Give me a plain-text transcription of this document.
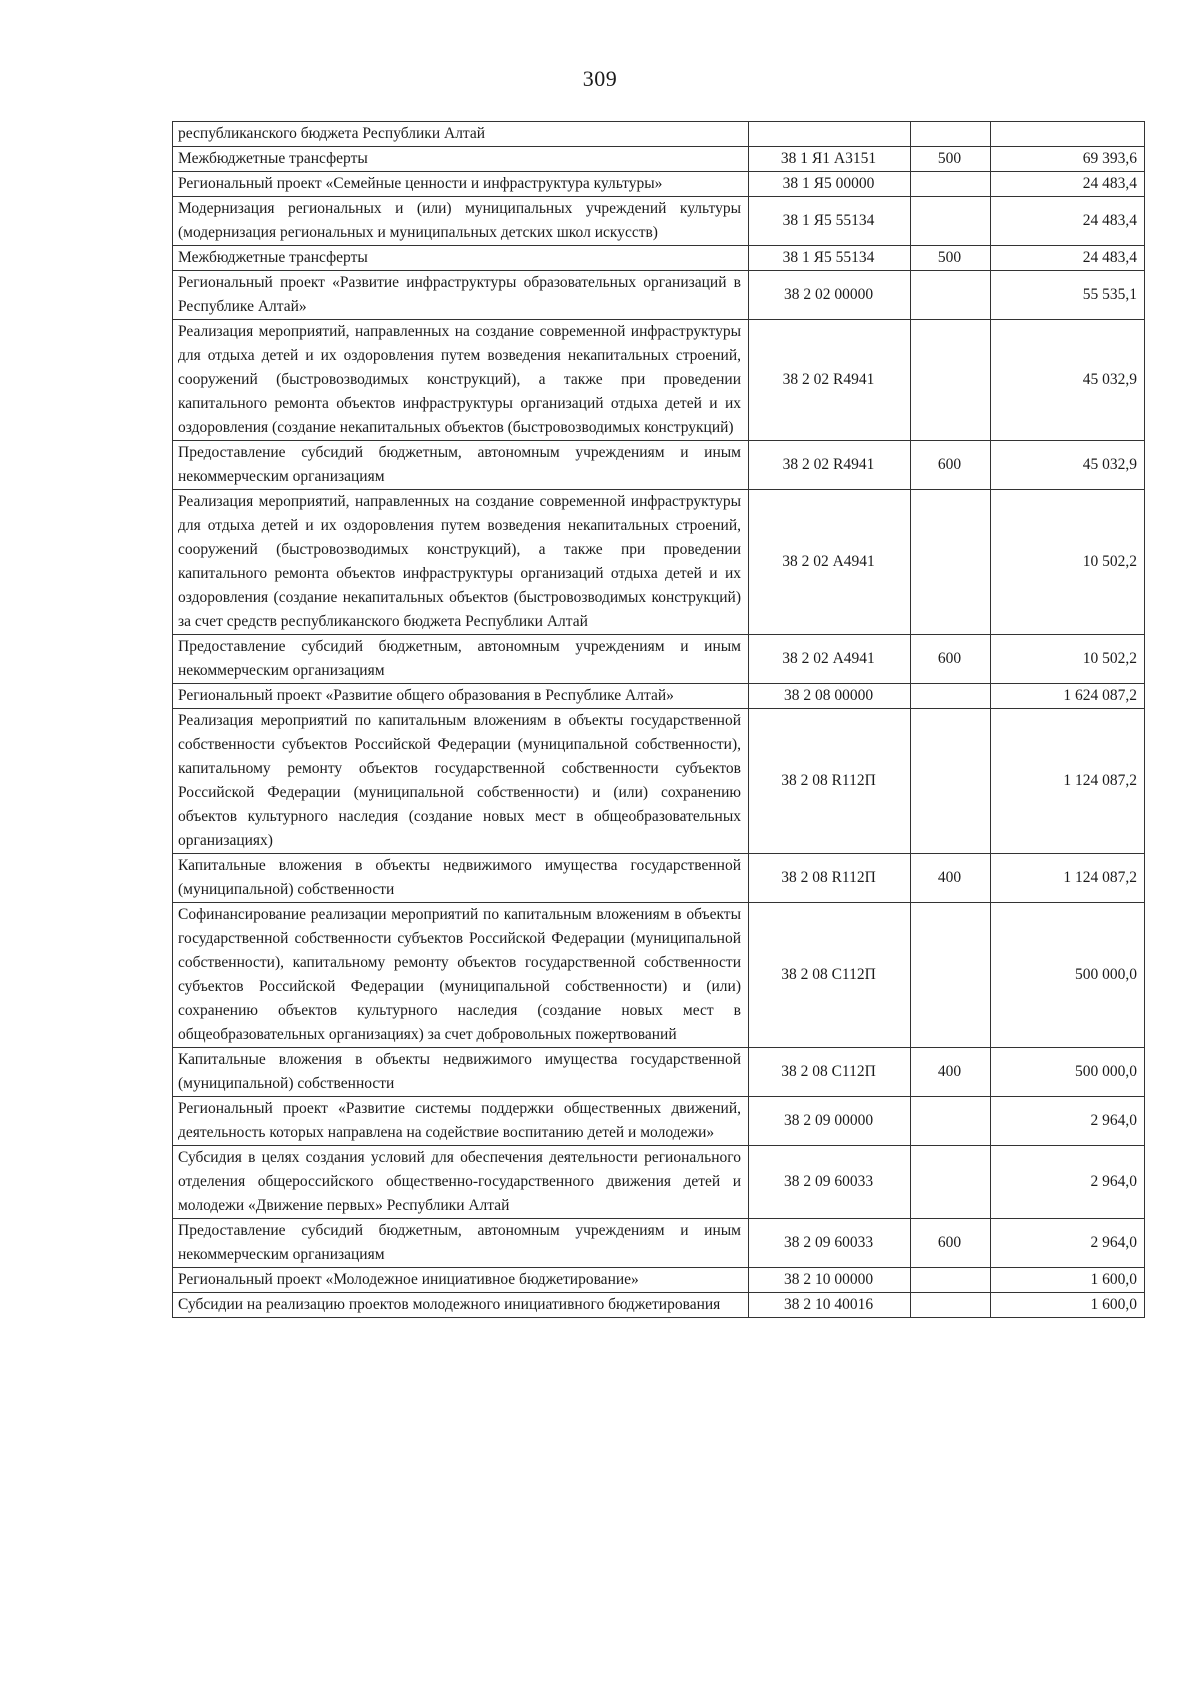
309
республиканского бюджета Республики Алтай			
Межбюджетные трансферты	38 1 Я1 А3151	500	69 393,6
Региональный проект «Семейные ценности и инфраструктура культуры»	38 1 Я5 00000		24 483,4
Модернизация региональных и (или) муниципальных учреждений культуры (модернизация региональных и муниципальных детских школ искусств)	38 1 Я5 55134		24 483,4
Межбюджетные трансферты	38 1 Я5 55134	500	24 483,4
Региональный проект «Развитие инфраструктуры образовательных организаций в Республике Алтай»	38 2 02 00000		55 535,1
Реализация мероприятий, направленных на создание современной инфраструктуры для отдыха детей и их оздоровления путем возведения некапитальных строений, сооружений (быстровозводимых конструкций), а также при проведении капитального ремонта объектов инфраструктуры организаций отдыха детей и их оздоровления (создание некапитальных объектов (быстровозводимых конструкций)	38 2 02 R4941		45 032,9
Предоставление субсидий бюджетным, автономным учреждениям и иным некоммерческим организациям	38 2 02 R4941	600	45 032,9
Реализация мероприятий, направленных на создание современной инфраструктуры для отдыха детей и их оздоровления путем возведения некапитальных строений, сооружений (быстровозводимых конструкций), а также при проведении капитального ремонта объектов инфраструктуры организаций отдыха детей и их оздоровления (создание некапитальных объектов (быстровозводимых конструкций) за счет средств республиканского бюджета Республики Алтай	38 2 02 А4941		10 502,2
Предоставление субсидий бюджетным, автономным учреждениям и иным некоммерческим организациям	38 2 02 А4941	600	10 502,2
Региональный проект «Развитие общего образования в Республике Алтай»	38 2 08 00000		1 624 087,2
Реализация мероприятий по капитальным вложениям в объекты государственной собственности субъектов Российской Федерации (муниципальной собственности), капитальному ремонту объектов государственной собственности субъектов Российской Федерации (муниципальной собственности) и (или) сохранению объектов культурного наследия (создание новых мест в общеобразовательных организациях)	38 2 08 R112П		1 124 087,2
Капитальные вложения в объекты недвижимого имущества государственной (муниципальной) собственности	38 2 08 R112П	400	1 124 087,2
Софинансирование реализации мероприятий по капитальным вложениям в объекты государственной собственности субъектов Российской Федерации (муниципальной собственности), капитальному ремонту объектов государственной собственности субъектов Российской Федерации (муниципальной собственности) и (или) сохранению объектов культурного наследия (создание новых мест в общеобразовательных организациях) за счет добровольных пожертвований	38 2 08 С112П		500 000,0
Капитальные вложения в объекты недвижимого имущества государственной (муниципальной) собственности	38 2 08 С112П	400	500 000,0
Региональный проект «Развитие системы поддержки общественных движений, деятельность которых направлена на содействие воспитанию детей и молодежи»	38 2 09 00000		2 964,0
Субсидия в целях создания условий для обеспечения деятельности регионального отделения общероссийского общественно-государственного движения детей и молодежи «Движение первых» Республики Алтай	38 2 09 60033		2 964,0
Предоставление субсидий бюджетным, автономным учреждениям и иным некоммерческим организациям	38 2 09 60033	600	2 964,0
Региональный проект «Молодежное инициативное бюджетирование»	38 2 10 00000		1 600,0
Субсидии на реализацию проектов молодежного инициативного бюджетирования	38 2 10 40016		1 600,0
